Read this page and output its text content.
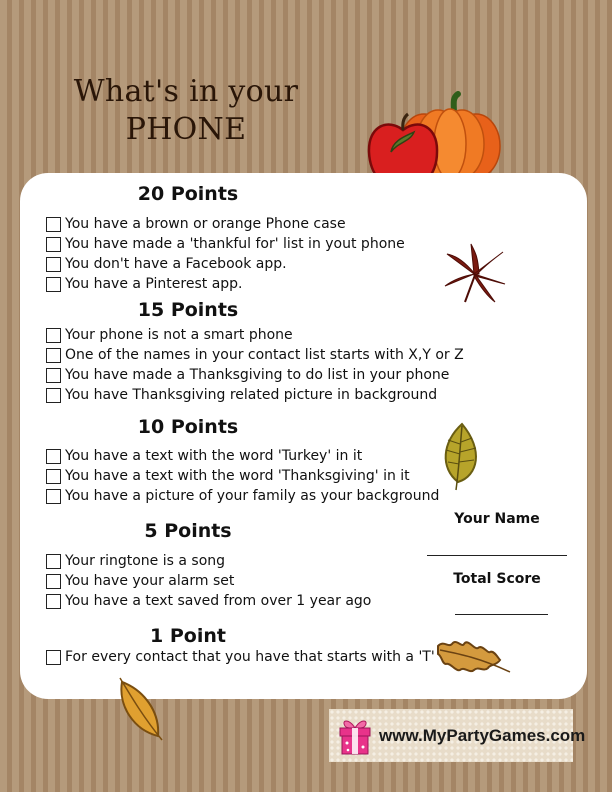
What's in your
PHONE
20 Points
15 Points
10 Points
5 Points
1 Point
You have a brown or orange Phone case
You have made a 'thankful for' list in yout phone
You don't have a Facebook app.
You have a Pinterest app.
Your phone is not a smart phone
One of the names in your contact list starts with X,Y or Z
You have made a Thanksgiving to do list in your phone
You have Thanksgiving related picture in background
You have a text with the word 'Turkey' in it
You have a text with the word 'Thanksgiving' in it
You have a picture of your family as your background
Your ringtone is a song
You have your alarm set
You have a text saved from over 1 year ago
For every contact that you have that starts with a 'T'
Your Name
Total Score
www.MyPartyGames.com
